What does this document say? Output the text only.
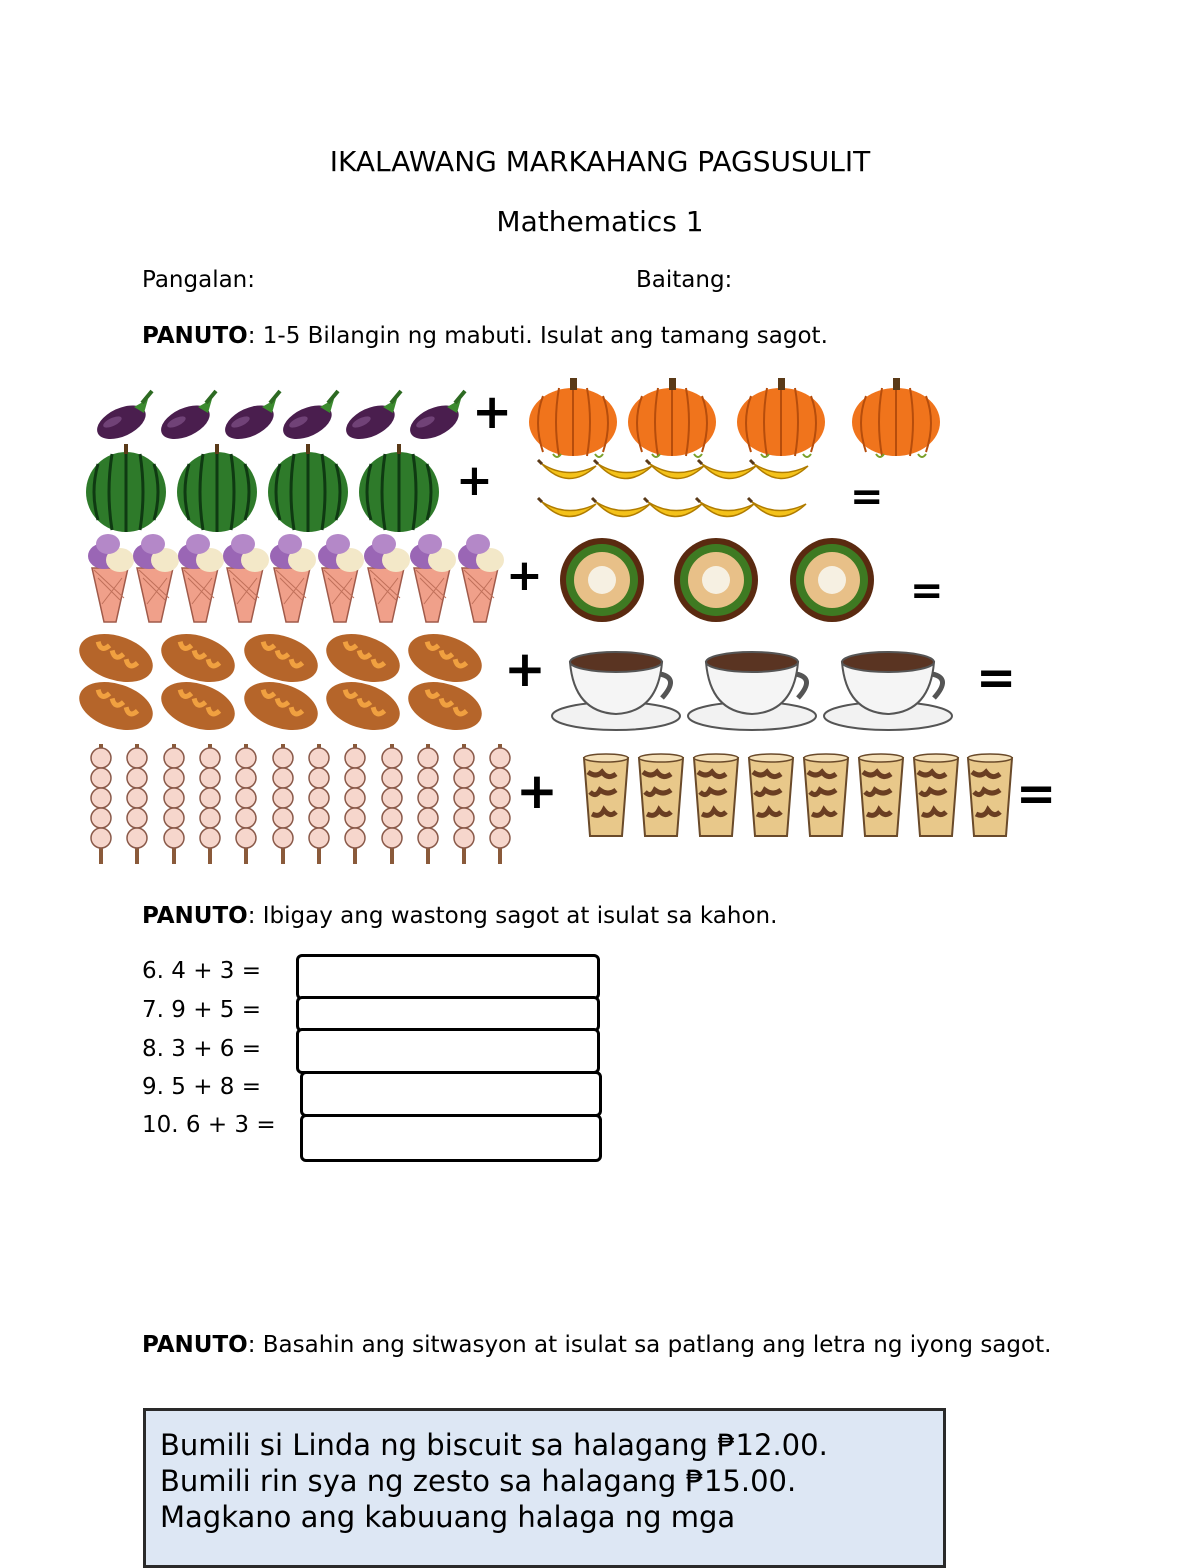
IKALAWANG MARKAHANG PAGSUSULIT
Mathematics 1
Pangalan:	Baitang:
PANUTO: 1-5 Bilangin ng mabuti. Isulat ang tamang sagot.
+
+	=
+	=
+	=
+	=
PANUTO: Ibigay ang wastong sagot at isulat sa kahon.
6. 4 + 3 =
7. 9 + 5 =
8. 3 + 6 =
9. 5 + 8 =
10. 6 + 3 =
PANUTO: Basahin ang sitwasyon at isulat sa patlang ang letra ng iyong sagot.
Bumili si Linda ng biscuit sa halagang ₱12.00.
Bumili rin sya ng zesto sa halagang ₱15.00.
Magkano ang kabuuang halaga ng mga
